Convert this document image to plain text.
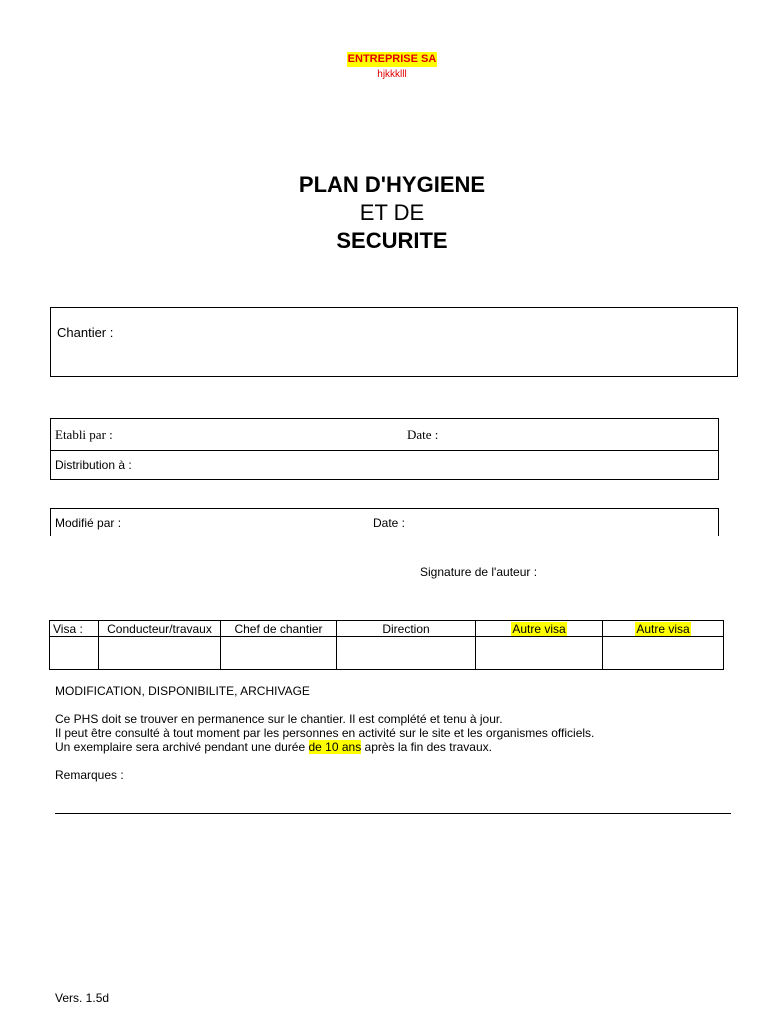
ENTREPRISE SA
hjkkklll
PLAN D'HYGIENE
ET DE
SECURITE
Chantier :
Etabli par :	Date :
Distribution à :
Modifié par :	Date :
Signature de l'auteur :
Visa :	Conducteur/travaux	Chef de chantier	Direction	Autre visa	Autre visa

MODIFICATION, DISPONIBILITE, ARCHIVAGE
Ce PHS doit se trouver en permanence sur le chantier. Il est complété et tenu à jour.
Il peut être consulté à tout moment par les personnes en activité sur le site et les organismes officiels.
Un exemplaire sera archivé pendant une durée de 10 ans après la fin des travaux.
Remarques :
Vers. 1.5d
